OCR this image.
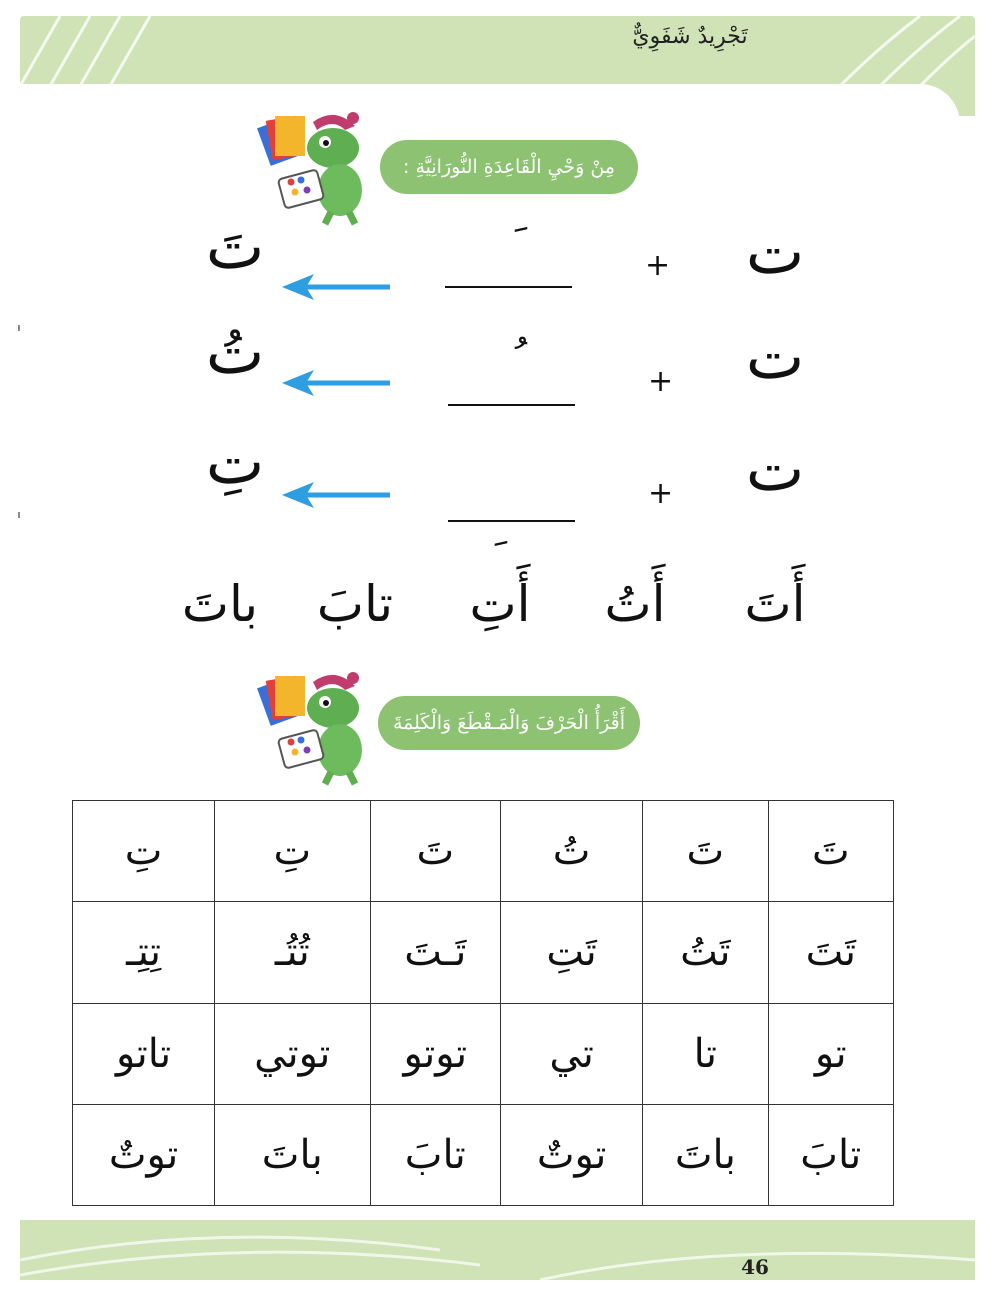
تَجْرِيدٌ شَفَوِيٌّ
مِنْ وَحْيِ الْقَاعِدَةِ النُّورَانِيَّةِ :
ت
+
تَ
ت
+
تُ
ت
+
تِ
أَتَ
أَتُ
أَتِ
تابَ
باتَ
أَقْرَأُ الْحَرْفَ وَالْمَـقْطَعَ وَالْكَلِمَةَ
تَ	تَ	تُ	تَ	تِ	تِ
تَتَ	تَتُ	تَتِ	تَـتَ	تُتُـ	تِتِـ
تو	تا	تي	توتو	توتي	تاتو
تابَ	باتَ	توتٌ	تابَ	باتَ	توتٌ
46
